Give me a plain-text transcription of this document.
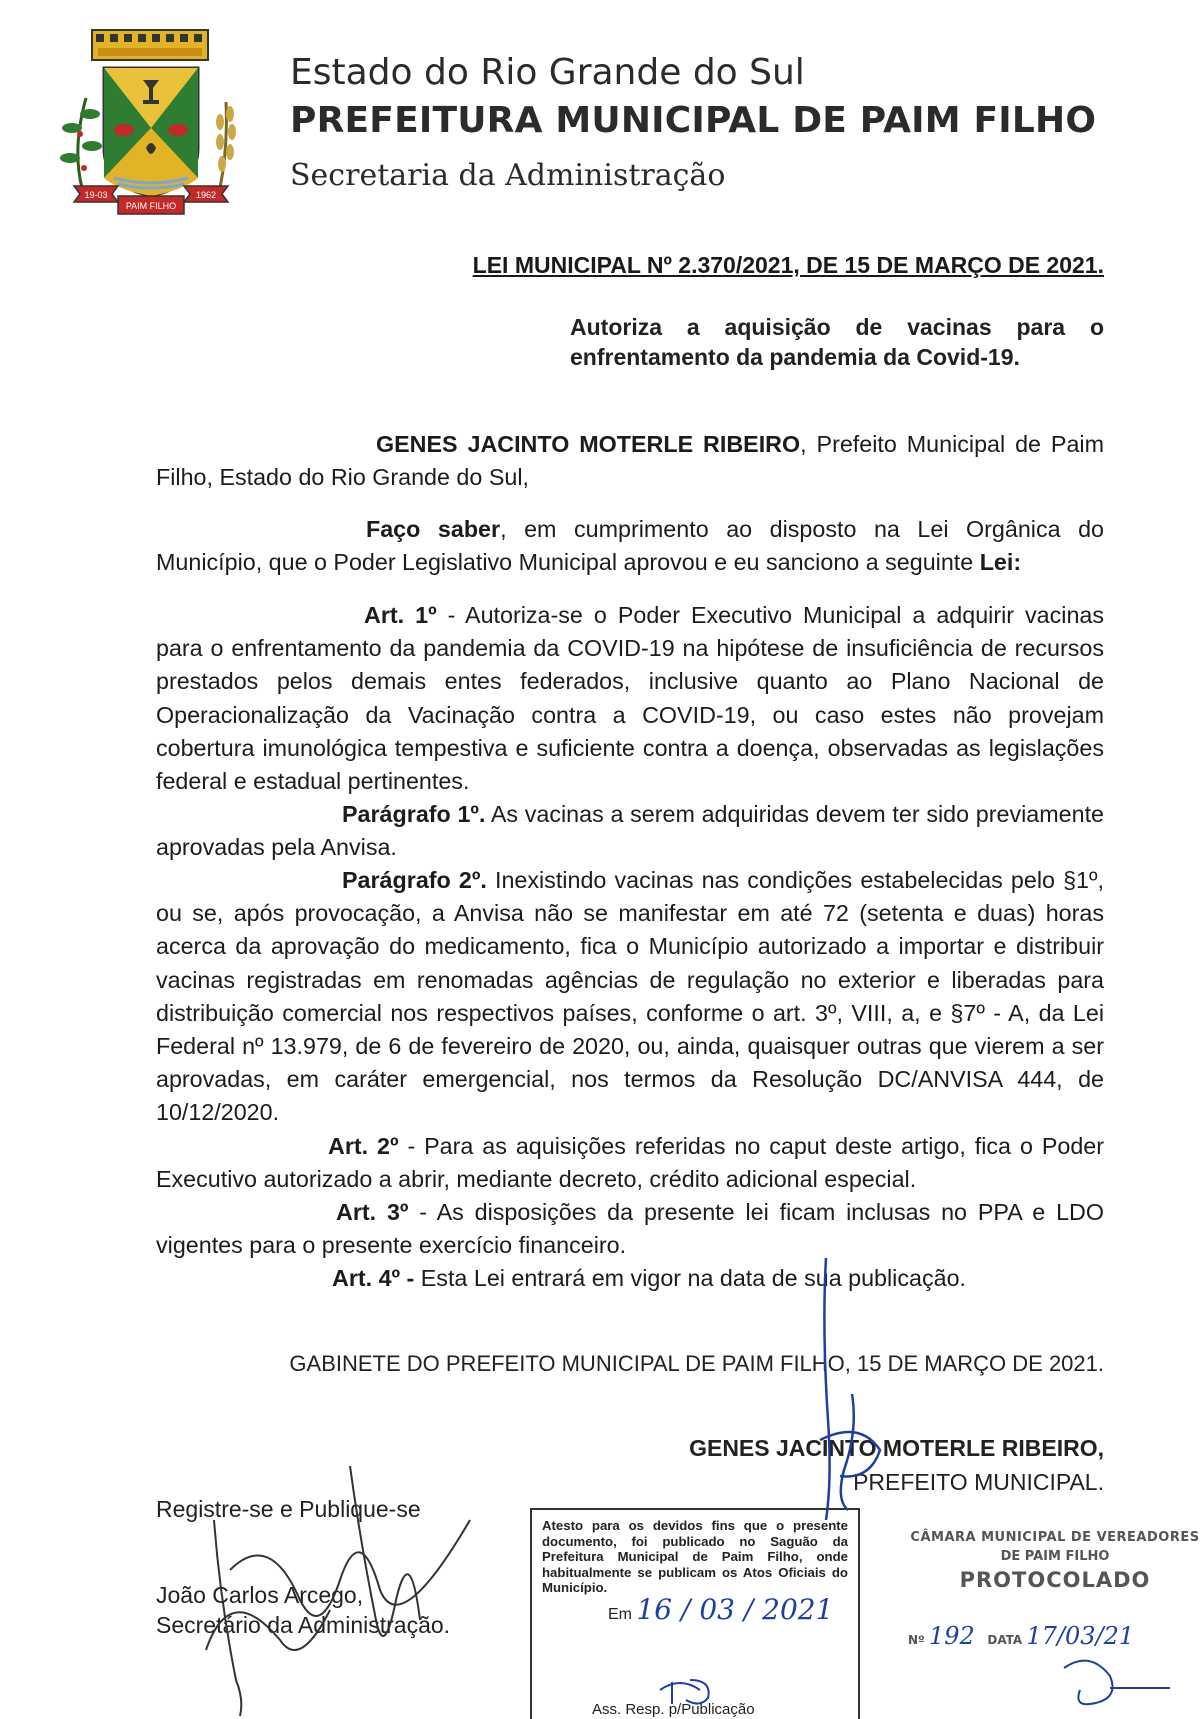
19-03	1962
PAIM FILHO
Estado do Rio Grande do Sul
PREFEITURA MUNICIPAL DE PAIM FILHO
Secretaria da Administração
LEI MUNICIPAL Nº 2.370/2021, DE 15 DE MARÇO DE 2021.
Autoriza a aquisição de vacinas para o enfrentamento da pandemia da Covid-19.
GENES JACINTO MOTERLE RIBEIRO, Prefeito Municipal de Paim Filho, Estado do Rio Grande do Sul,
Faço saber, em cumprimento ao disposto na Lei Orgânica do Município, que o Poder Legislativo Municipal aprovou e eu sanciono a seguinte Lei:
Art. 1º - Autoriza-se o Poder Executivo Municipal a adquirir vacinas para o enfrentamento da pandemia da COVID-19 na hipótese de insuficiência de recursos prestados pelos demais entes federados, inclusive quanto ao Plano Nacional de Operacionalização da Vacinação contra a COVID-19, ou caso estes não provejam cobertura imunológica tempestiva e suficiente contra a doença, observadas as legislações federal e estadual pertinentes.
Parágrafo 1º. As vacinas a serem adquiridas devem ter sido previamente aprovadas pela Anvisa.
Parágrafo 2º. Inexistindo vacinas nas condições estabelecidas pelo §1º, ou se, após provocação, a Anvisa não se manifestar em até 72 (setenta e duas) horas acerca da aprovação do medicamento, fica o Município autorizado a importar e distribuir vacinas registradas em renomadas agências de regulação no exterior e liberadas para distribuição comercial nos respectivos países, conforme o art. 3º, VIII, a, e §7º - A, da Lei Federal nº 13.979, de 6 de fevereiro de 2020, ou, ainda, quaisquer outras que vierem a ser aprovadas, em caráter emergencial, nos termos da Resolução DC/ANVISA 444, de 10/12/2020.
Art. 2º - Para as aquisições referidas no caput deste artigo, fica o Poder Executivo autorizado a abrir, mediante decreto, crédito adicional especial.
Art. 3º - As disposições da presente lei ficam inclusas no PPA e LDO vigentes para o presente exercício financeiro.
Art. 4º - Esta Lei entrará em vigor na data de sua publicação.
GABINETE DO PREFEITO MUNICIPAL DE PAIM FILHO, 15 DE MARÇO DE 2021.
GENES JACINTO MOTERLE RIBEIRO,
PREFEITO MUNICIPAL.
Registre-se e Publique-se
João Carlos Arcego,
Secretário da Administração.
Atesto para os devidos fins que o presente documento, foi publicado no Saguão da Prefeitura Municipal de Paim Filho, onde habitualmente se publicam os Atos Oficiais do Município.
Em 16 / 03 / 2021
Ass. Resp. p/Publicação
CÂMARA MUNICIPAL DE VEREADORES
DE PAIM FILHO
PROTOCOLADO
Nº 192 DATA 17/03/21
